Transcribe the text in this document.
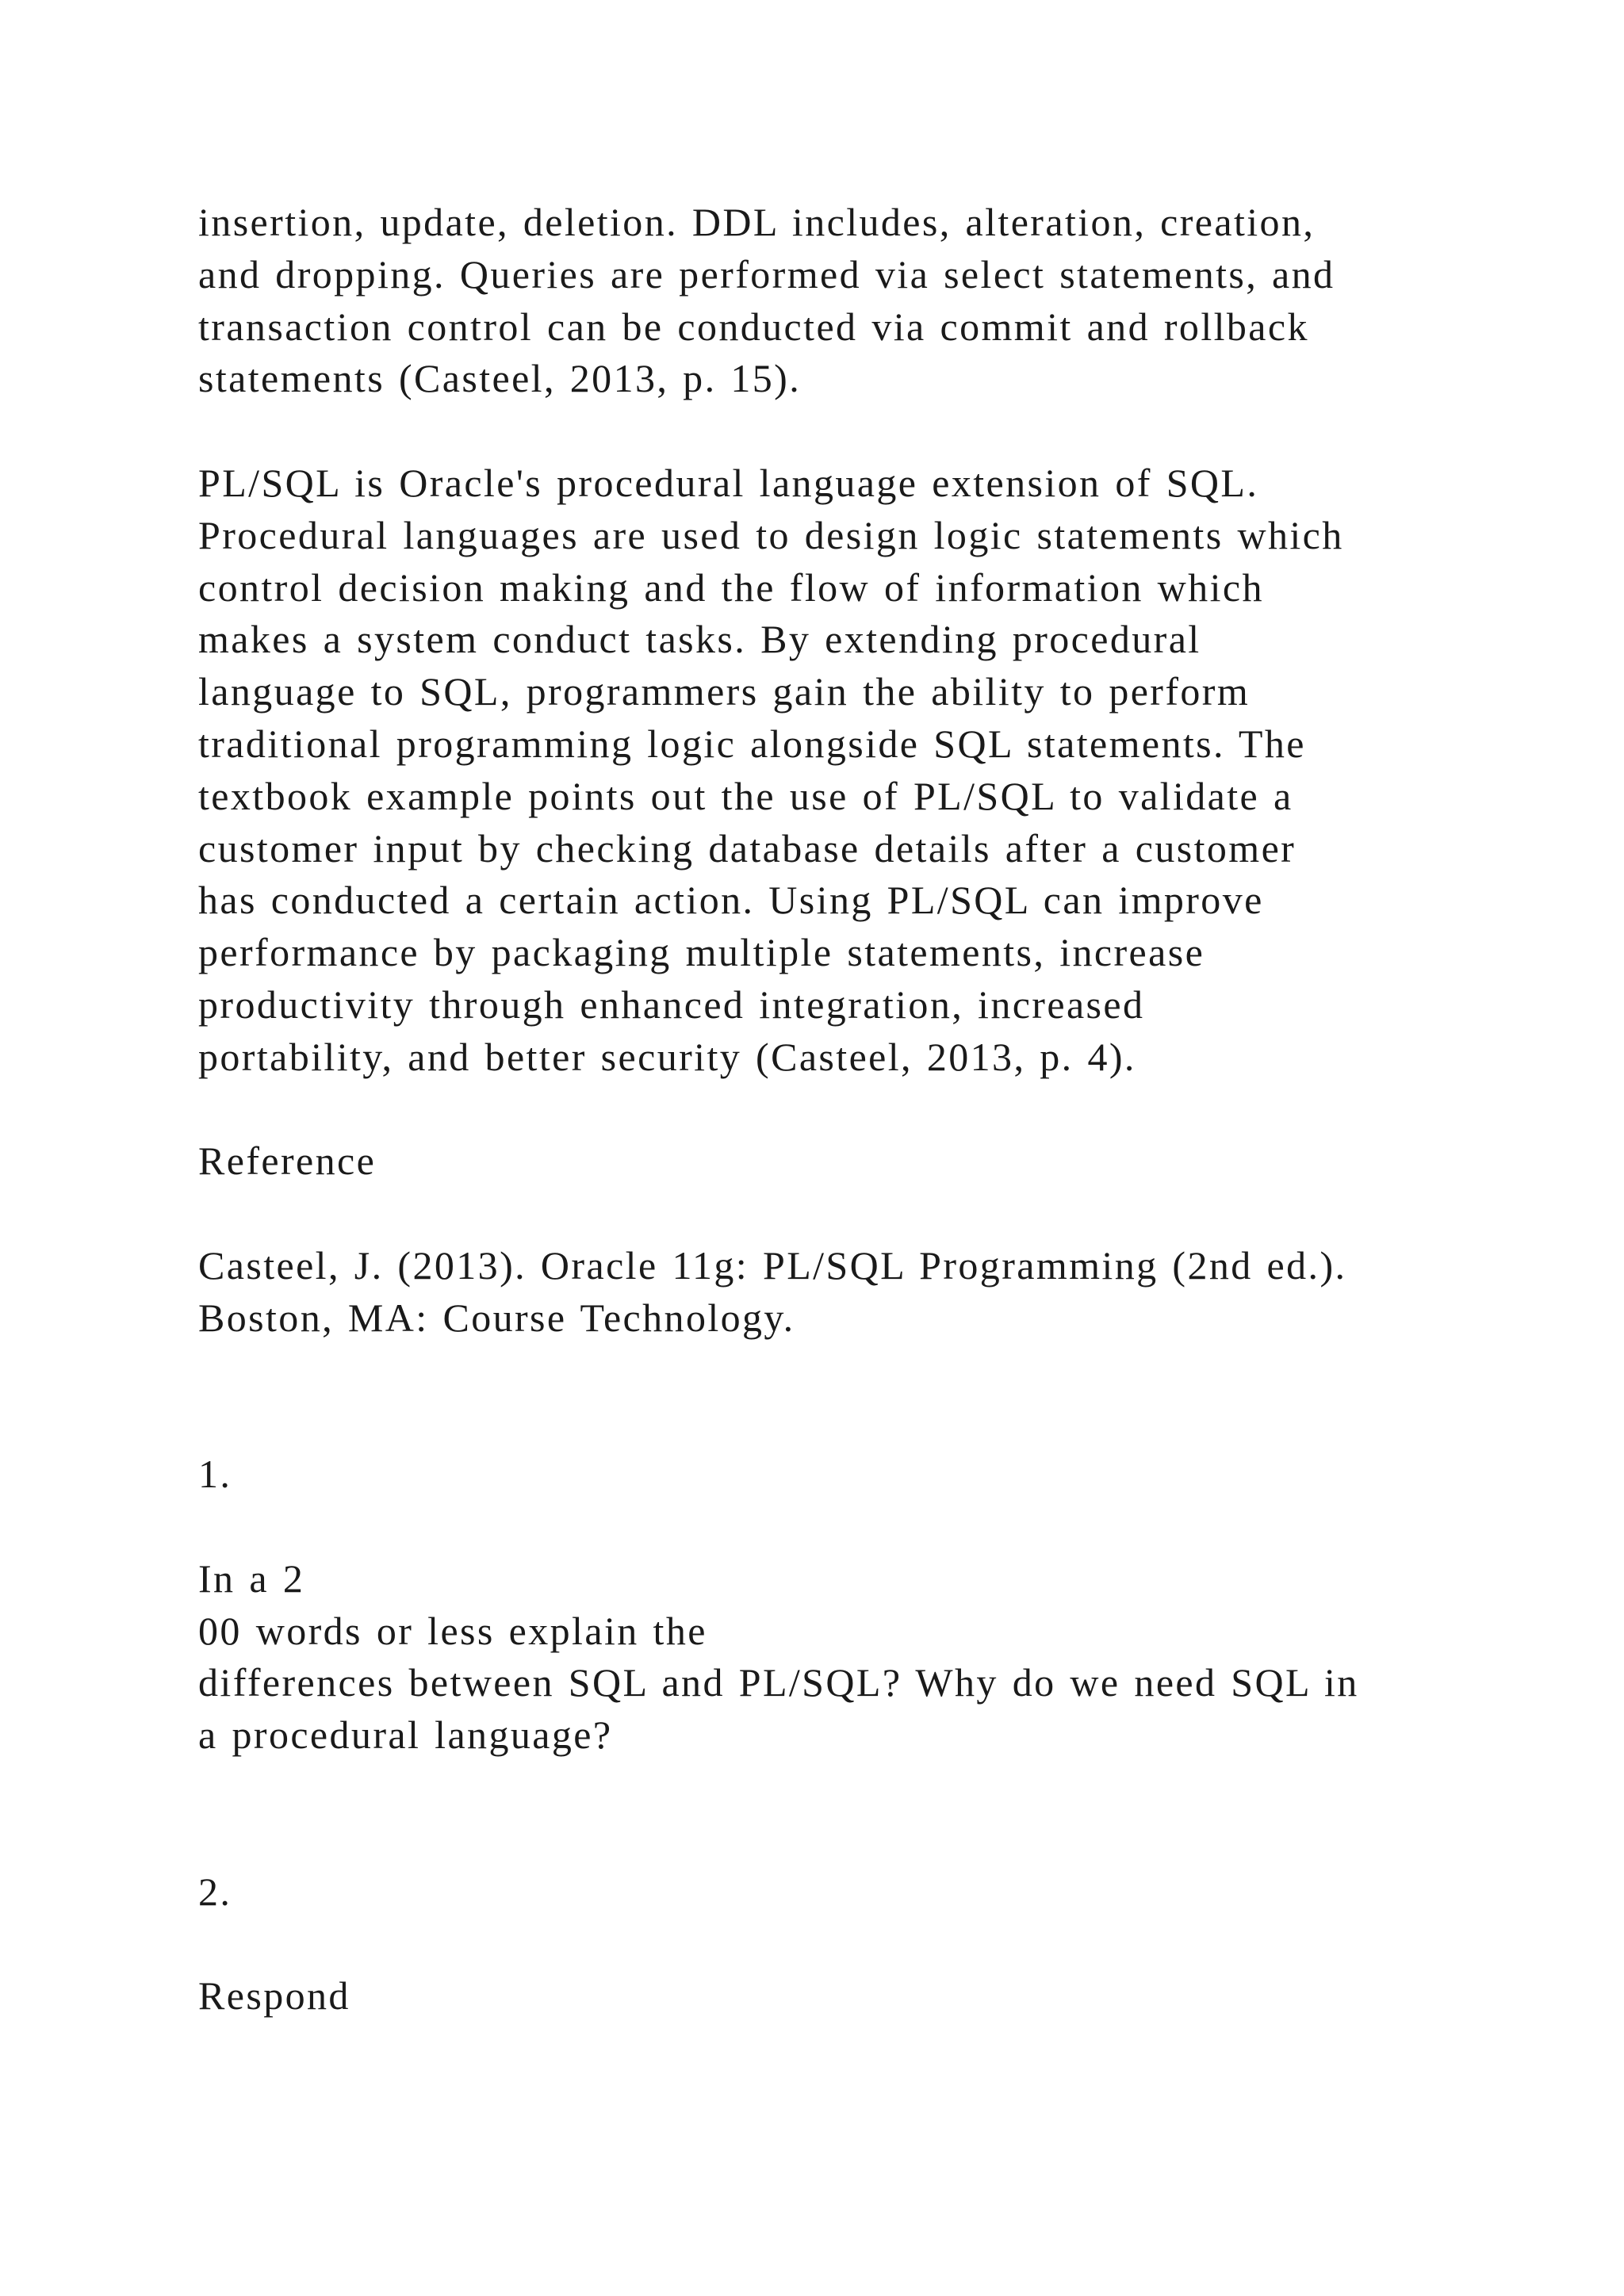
insertion, update, deletion. DDL includes, alteration, creation,
and dropping. Queries are performed via select statements, and
transaction control can be conducted via commit and rollback
statements (Casteel, 2013, p. 15).
PL/SQL is Oracle's procedural language extension of SQL.
Procedural languages are used to design logic statements which
control decision making and the flow of information which
makes a system conduct tasks. By extending procedural
language to SQL, programmers gain the ability to perform
traditional programming logic alongside SQL statements. The
textbook example points out the use of PL/SQL to validate a
customer input by checking database details after a customer
has conducted a certain action. Using PL/SQL can improve
performance by packaging multiple statements, increase
productivity through enhanced integration, increased
portability, and better security (Casteel, 2013, p. 4).
Reference
Casteel, J. (2013). Oracle 11g: PL/SQL Programming (2nd ed.).
Boston, MA: Course Technology.
1.
In a 2
00 words or less explain the
differences between SQL and PL/SQL? Why do we need SQL in
a procedural language?
2.
Respond
